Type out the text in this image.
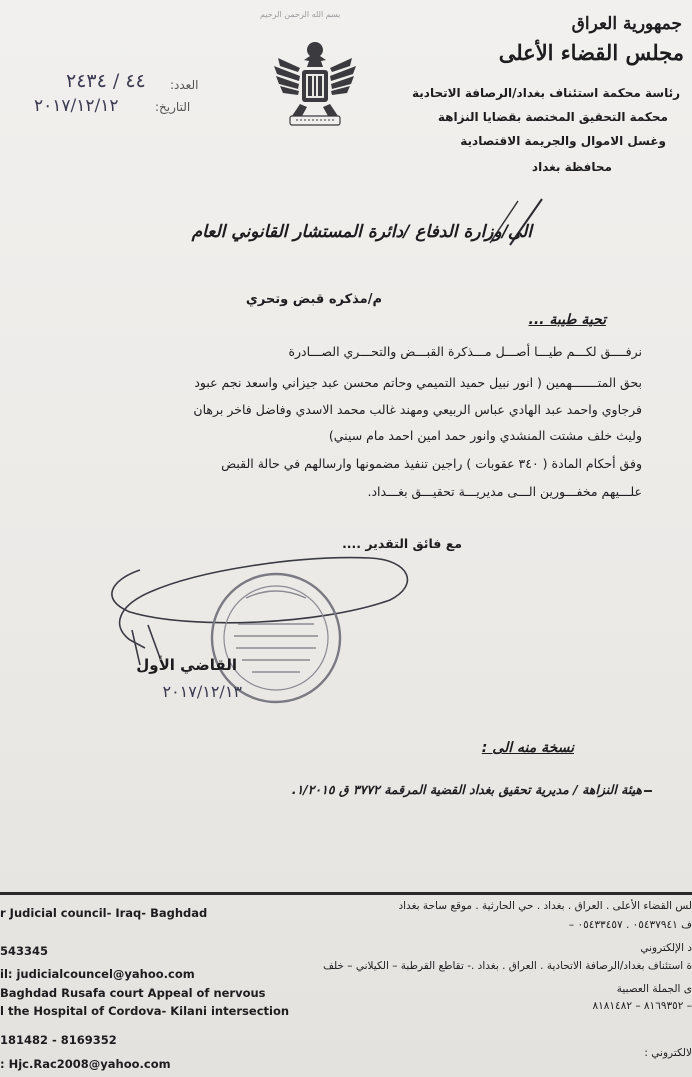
بسم الله الرحمن الرحيم	جمهورية العراق
مجلس القضاء الأعلى
رئاسة محكمة استئناف بغداد/الرصافة الاتحادية
محكمة التحقيق المختصة بقضايا النزاهة
وغسل الاموال والجريمة الاقتصادية
محافظة بغداد
العدد:
٤٤ / ٢٤٣٤
التاريخ:
٢٠١٧/١٢/١٢
الى/وزارة الدفاع /دائرة المستشار القانوني العام
م/مذكره قبض وتحري
تحية طيبة ...
نرفــــق لكـــم طيـــا أصـــل مـــذكرة القبـــض والتحـــري الصـــادرة
بحق المتـــــــهمين ( انور نبيل حميد التميمي وحاتم محسن عبد جيزاني واسعد نجم عبود
فرجاوي واحمد عبد الهادي عباس الربيعي ومهند غالب محمد الاسدي وفاضل فاخر برهان
وليث خلف مشتت المنشدي وانور حمد امين احمد مام سيني)
وفق أحكام المادة ( ٣٤٠ عقوبات ) راجين تنفيذ مضمونها وارسالهم في حالة القبض
علـــيهم مخفـــورين الـــى مديريـــة تحقيـــق بغـــداد.
مع فائق التقدير ....
القاضي الأول
٢٠١٧/١٢/١٣
نسخة منه الى :
هيئة النزاهة / مديرية تحقيق بغداد القضية المرقمة ٣٧٧٢ ق ١/٢٠١٥.
لس القضاء الأعلى . العراق . بغداد . حي الحارثية . موقع ساحة بغداد
ف ٠٥٤٣٧٩٤١ . ٠٥٤٣٣٤٥٧ –
د الإلكتروني
ة استئناف بغداد/الرصافة الاتحادية . العراق . بغداد .- تقاطع القرطبة – الكيلاني – خلف
ى الجملة العصبية
٨١٦٩٣٥٢ – ٨١٨١٤٨٢ –
لالكتروني :
r Judicial council- Iraq- Baghdad
543345
il: judicialcouncel@yahoo.com
Baghdad Rusafa court Appeal of nervous
l the Hospital of Cordova- Kilani intersection
181482 - 8169352
: Hjc.Rac2008@yahoo.com
